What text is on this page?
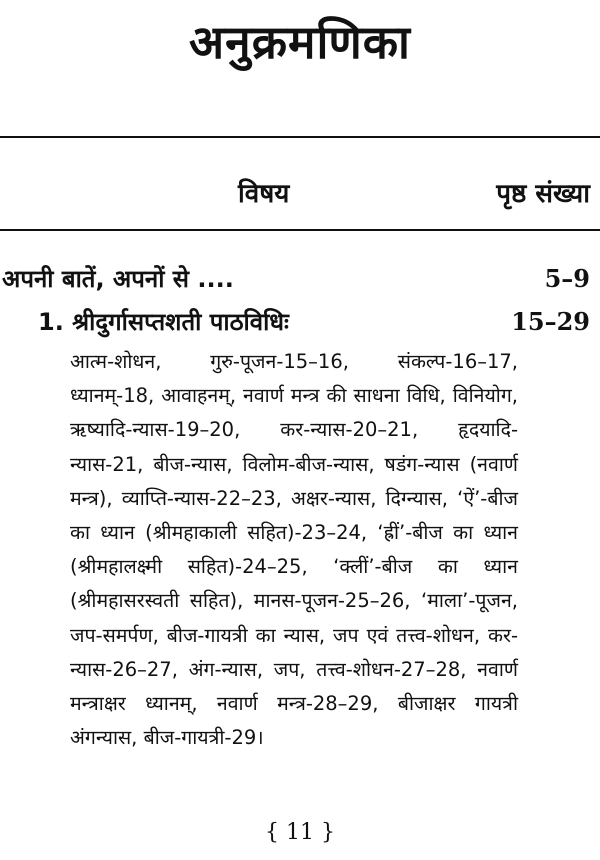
अनुक्रमणिका
विषय	पृष्ठ संख्या
अपनी बातें, अपनों से ....	5–9
1. श्रीदुर्गासप्तशती पाठविधिः	15–29

आत्म-शोधन, गुरु-पूजन-15–16, संकल्प-16–17, ध्यानम्-18, आवाहनम्, नवार्ण मन्त्र की साधना विधि, विनियोग, ऋष्यादि-न्यास-19–20, कर-न्यास-20–21, हृदयादि-न्यास-21, बीज-न्यास, विलोम-बीज-न्यास, षडंग-न्यास (नवार्ण मन्त्र), व्याप्ति-न्यास-22–23, अक्षर-न्यास, दिग्न्यास, ‘ऐं’-बीज का ध्यान (श्रीमहाकाली सहित)-23–24, ‘ह्रीं’-बीज का ध्यान (श्रीमहालक्ष्मी सहित)-24–25, ‘क्लीं’-बीज का ध्यान (श्रीमहासरस्वती सहित), मानस-पूजन-25–26, ‘माला’-पूजन, जप-समर्पण, बीज-गायत्री का न्यास, जप एवं तत्त्व-शोधन, कर-न्यास-26–27, अंग-न्यास, जप, तत्त्व-शोधन-27–28, नवार्ण मन्त्राक्षर ध्यानम्, नवार्ण मन्त्र-28–29, बीजाक्षर गायत्री अंगन्यास, बीज-गायत्री-29।

{ 11 }
